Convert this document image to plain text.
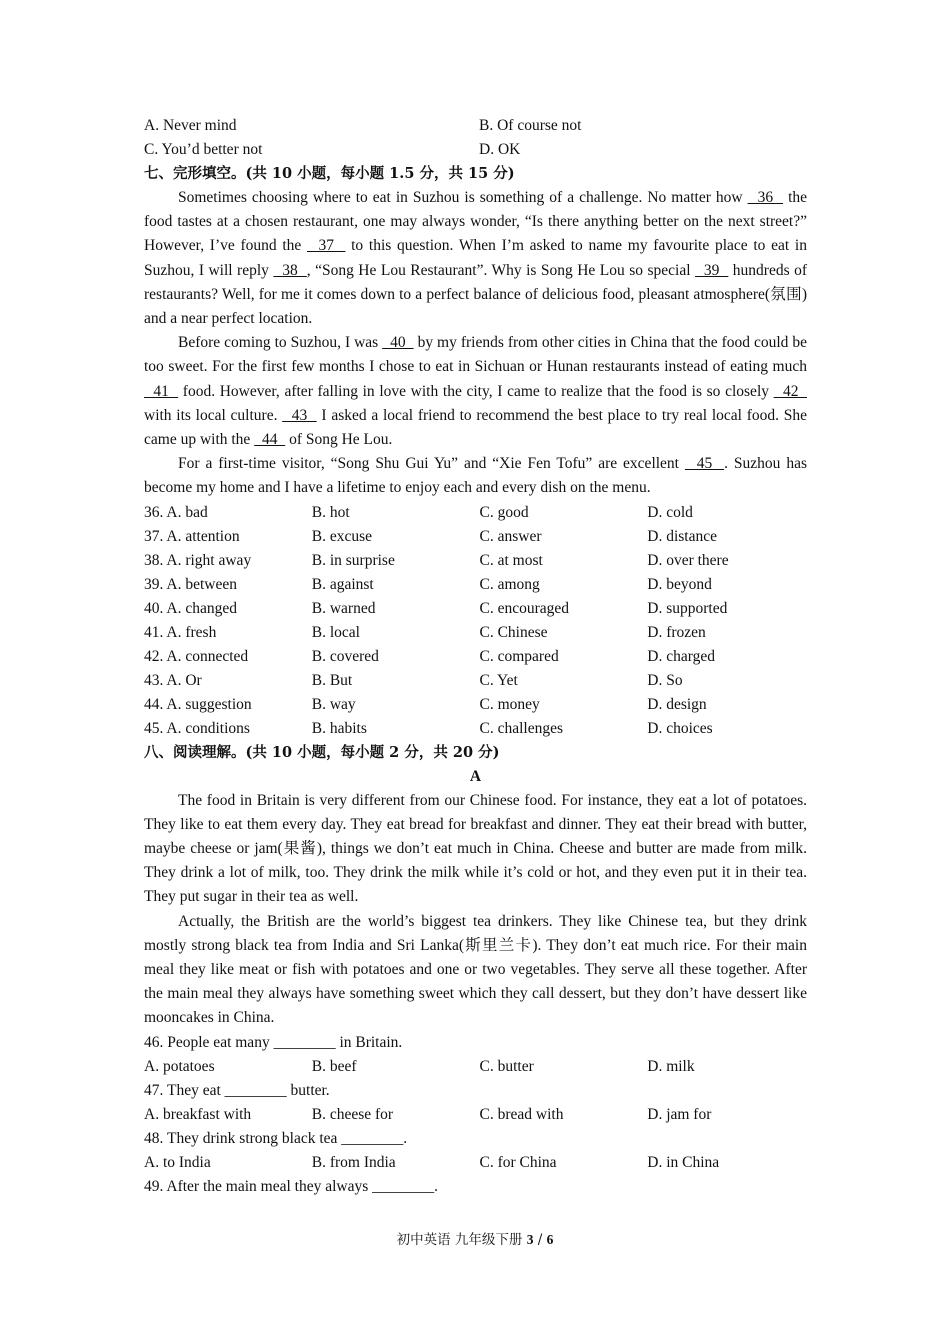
A. Never mind	B. Of course not
C. You’d better not	D. OK
七、完形填空。(共 10 小题，每小题 1.5 分，共 15 分)

Sometimes choosing where to eat in Suzhou is something of a challenge. No matter how   36   the food tastes at a chosen restaurant, one may always wonder, “Is there anything better on the next street?” However, I’ve found the   37   to this question. When I’m asked to name my favourite place to eat in Suzhou, I will reply   38  , “Song He Lou Restaurant”. Why is Song He Lou so special   39   hundreds of restaurants? Well, for me it comes down to a perfect balance of delicious food, pleasant atmosphere(氛围) and a near perfect location.

Before coming to Suzhou, I was   40   by my friends from other cities in China that the food could be too sweet. For the first few months I chose to eat in Sichuan or Hunan restaurants instead of eating much   41   food. However, after falling in love with the city, I came to realize that the food is so closely   42   with its local culture.   43   I asked a local friend to recommend the best place to try real local food. She came up with the   44   of Song He Lou.

For a first-time visitor, “Song Shu Gui Yu” and “Xie Fen Tofu” are excellent   45  . Suzhou has become my home and I have a lifetime to enjoy each and every dish on the menu.

36. A. bad	B. hot	C. good	D. cold
37. A. attention	B. excuse	C. answer	D. distance
38. A. right away	B. in surprise	C. at most	D. over there
39. A. between	B. against	C. among	D. beyond
40. A. changed	B. warned	C. encouraged	D. supported
41. A. fresh	B. local	C. Chinese	D. frozen
42. A. connected	B. covered	C. compared	D. charged
43. A. Or	B. But	C. Yet	D. So
44. A. suggestion	B. way	C. money	D. design
45. A. conditions	B. habits	C. challenges	D. choices
八、阅读理解。(共 10 小题，每小题 2 分，共 20 分)
A

The food in Britain is very different from our Chinese food. For instance, they eat a lot of potatoes. They like to eat them every day. They eat bread for breakfast and dinner. They eat their bread with butter, maybe cheese or jam(果酱), things we don’t eat much in China. Cheese and butter are made from milk. They drink a lot of milk, too. They drink the milk while it’s cold or hot, and they even put it in their tea. They put sugar in their tea as well.

Actually, the British are the world’s biggest tea drinkers. They like Chinese tea, but they drink mostly strong black tea from India and Sri Lanka(斯里兰卡). They don’t eat much rice. For their main meal they like meat or fish with potatoes and one or two vegetables. They serve all these together. After the main meal they always have something sweet which they call dessert, but they don’t have dessert like mooncakes in China.

46. People eat many ________ in Britain.
A. potatoes	B. beef	C. butter	D. milk
47. They eat ________ butter.
A. breakfast with	B. cheese for	C. bread with	D. jam for
48. They drink strong black tea ________.
A. to India	B. from India	C. for China	D. in China
49. After the main meal they always ________.
初中英语 九年级下册 3 / 6
